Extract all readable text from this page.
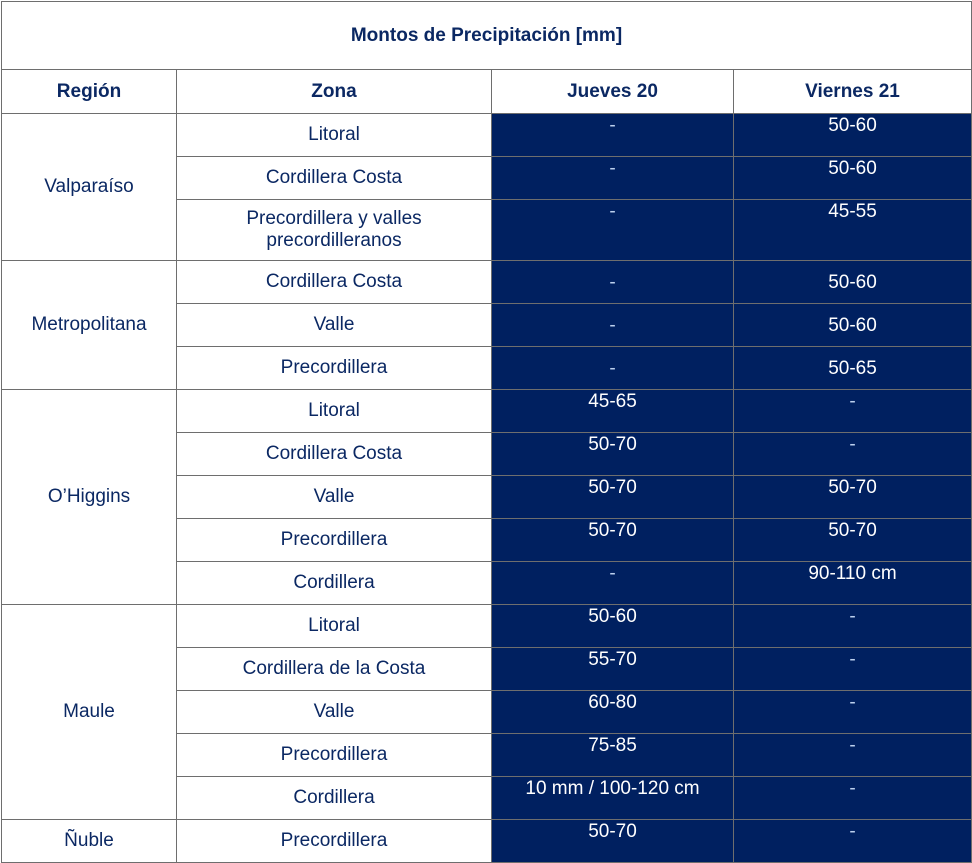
Montos de Precipitación [mm]			
Región	Zona	Jueves 20	Viernes 21
Valparaíso	Litoral	-	50-60
	Cordillera Costa	-	50-60

	Precordillera y valles precordilleranos	-	45-55
Metropolitana	Cordillera Costa	-	50-60
	Valle	-	50-60
	Precordillera	-	50-65
O’Higgins	Litoral	45-65	-
	Cordillera Costa	50-70	-
	Valle	50-70	50-70
	Precordillera	50-70	50-70
	Cordillera	-	90-110 cm
Maule	Litoral	50-60	-
	Cordillera de la Costa	55-70	-
	Valle	60-80	-
	Precordillera	75-85	-
	Cordillera	10 mm / 100-120 cm	-
Ñuble	Precordillera	50-70	-
